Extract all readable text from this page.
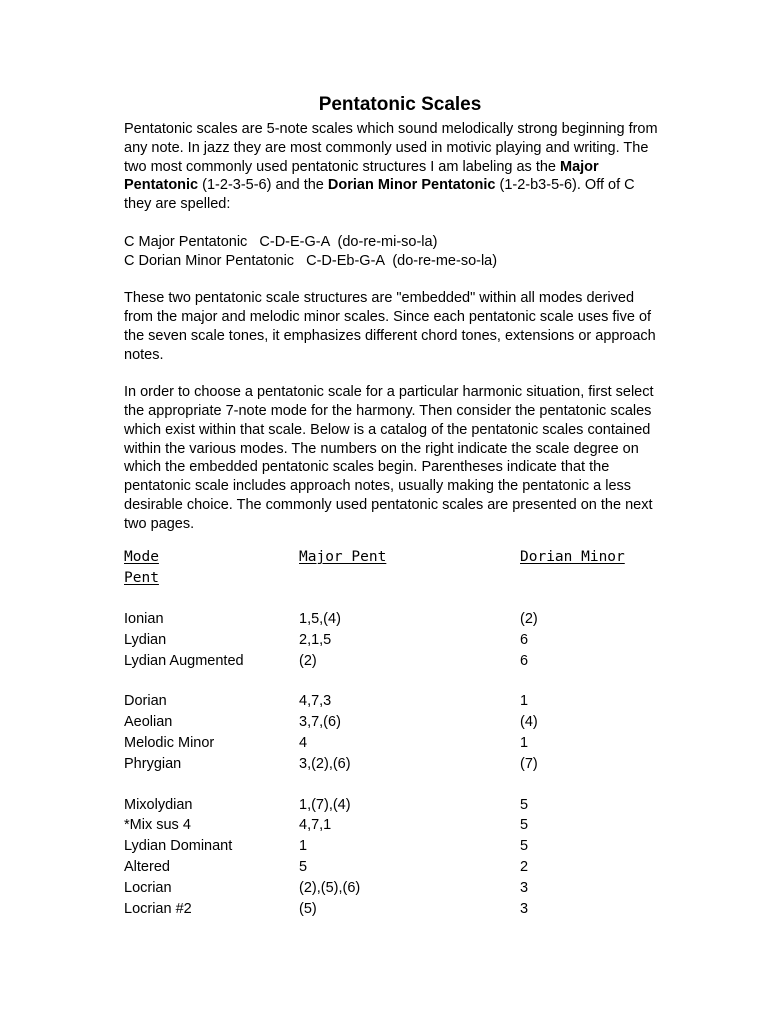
Pentatonic Scales

Pentatonic scales are 5-note scales which sound melodically strong beginning from any note. In jazz they are most commonly used in motivic playing and writing. The two most commonly used pentatonic structures I am labeling as the Major Pentatonic (1-2-3-5-6) and the Dorian Minor Pentatonic (1-2-b3-5-6). Off of C they are spelled:

C Major Pentatonic   C-D-E-G-A  (do-re-mi-so-la)
C Dorian Minor Pentatonic   C-D-Eb-G-A  (do-re-me-so-la)

These two pentatonic scale structures are "embedded" within all modes derived from the major and melodic minor scales. Since each pentatonic scale uses five of the seven scale tones, it emphasizes different chord tones, extensions or approach notes.

In order to choose a pentatonic scale for a particular harmonic situation, first select the appropriate 7-note mode for the harmony. Then consider the pentatonic scales which exist within that scale. Below is a catalog of the pentatonic scales contained within the various modes. The numbers on the right indicate the scale degree on which the embedded pentatonic scales begin. Parentheses indicate that the pentatonic scale includes approach notes, usually making the pentatonic a less desirable choice. The commonly used pentatonic scales are presented on the next two pages.

Mode	Major Pent	Dorian Minor
Pent
Ionian	1,5,(4)	(2)
Lydian	2,1,5	6
Lydian Augmented	(2)	6
Dorian	4,7,3	1
Aeolian	3,7,(6)	(4)
Melodic Minor	4	1
Phrygian	3,(2),(6)	(7)
Mixolydian	1,(7),(4)	5
*Mix sus 4	4,7,1	5
Lydian Dominant	1	5
Altered	5	2
Locrian	(2),(5),(6)	3
Locrian #2	(5)	3
